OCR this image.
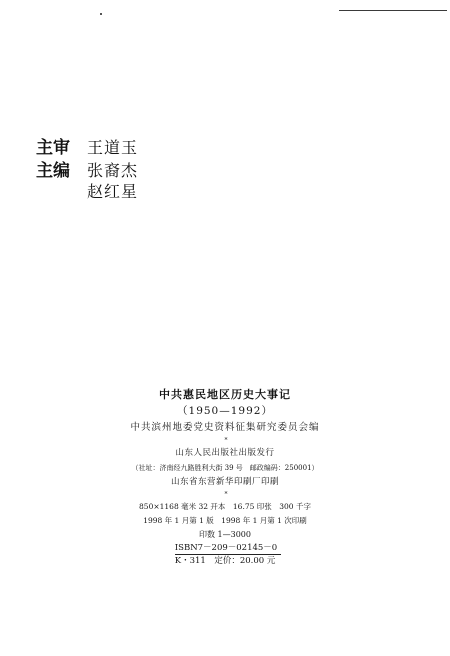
主审	王道玉
主编	张裔杰
赵红星
中共惠民地区历史大事记
（1950—1992）
中共滨州地委党史资料征集研究委员会编
*
山东人民出版社出版发行
（社址：济南经九路胜利大街 39 号　邮政编码：250001）
山东省东营新华印刷厂印刷
*
850×1168 毫米 32 开本　16.75 印张　300 千字
1998 年 1 月第 1 版　1998 年 1 月第 1 次印刷
印数 1—3000
ISBN7－209－02145－0
K・311　定价：20.00 元
